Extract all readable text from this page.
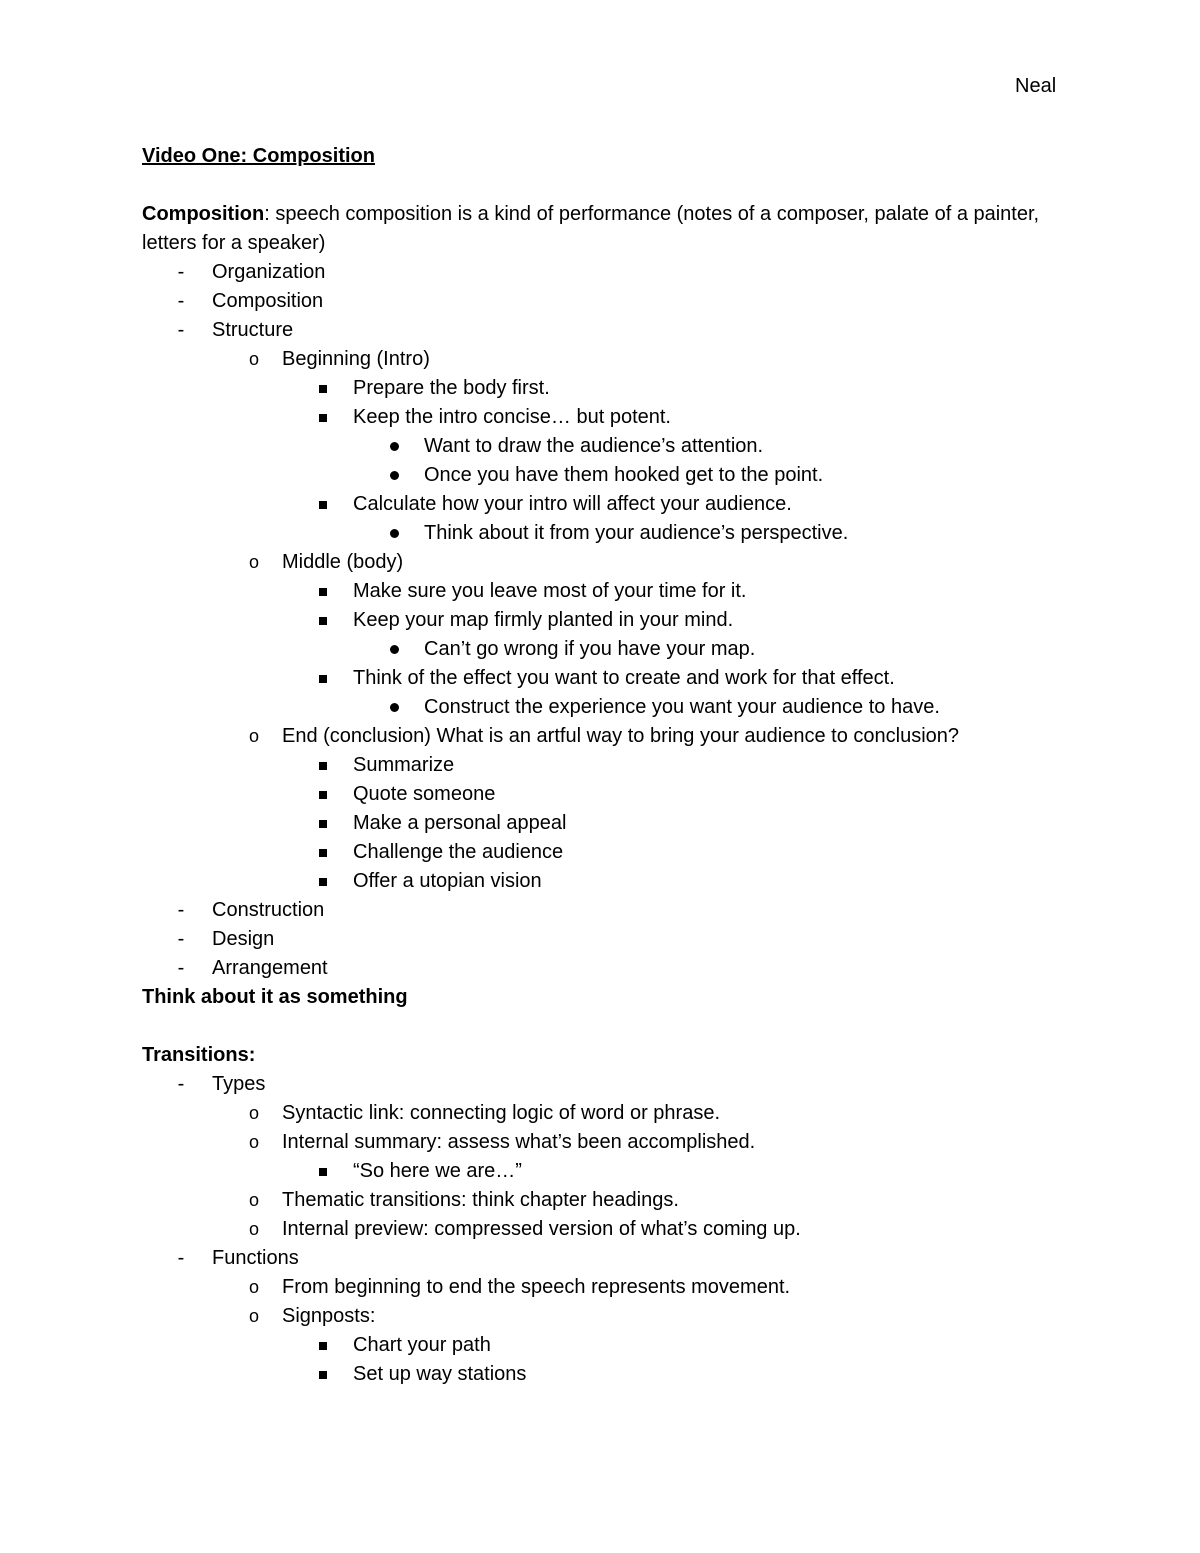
Neal
Video One: Composition
Composition: speech composition is a kind of performance (notes of a composer, palate of a painter, letters for a speaker)
- Organization
- Composition
- Structure
o Beginning (Intro)
Prepare the body first.
Keep the intro concise… but potent.
Want to draw the audience’s attention.
Once you have them hooked get to the point.
Calculate how your intro will affect your audience.
Think about it from your audience’s perspective.
o Middle (body)
Make sure you leave most of your time for it.
Keep your map firmly planted in your mind.
Can’t go wrong if you have your map.
Think of the effect you want to create and work for that effect.
Construct the experience you want your audience to have.
o End (conclusion) What is an artful way to bring your audience to conclusion?
Summarize
Quote someone
Make a personal appeal
Challenge the audience
Offer a utopian vision
- Construction
- Design
- Arrangement
Think about it as something
Transitions:
- Types
o Syntactic link: connecting logic of word or phrase.
o Internal summary: assess what’s been accomplished.
“So here we are…”
o Thematic transitions: think chapter headings.
o Internal preview: compressed version of what’s coming up.
- Functions
o From beginning to end the speech represents movement.
o Signposts:
Chart your path
Set up way stations
